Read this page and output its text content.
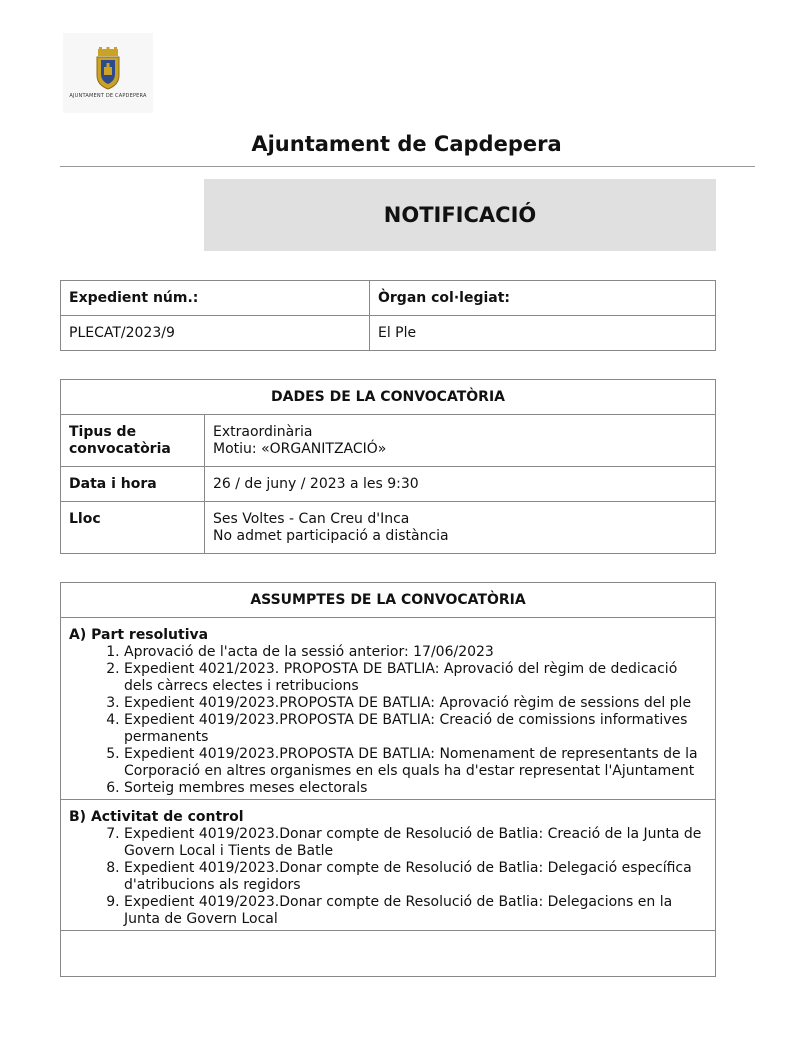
AJUNTAMENT DE CAPDEPERA
Ajuntament de Capdepera
NOTIFICACIÓ
Expedient núm.:	Òrgan col·legiat:
PLECAT/2023/9	El Ple
DADES DE LA CONVOCATÒRIA	
Tipus de
convocatòria	Extraordinària
Motiu: «ORGANITZACIÓ»
Data i hora	26 / de juny / 2023 a les 9:30
Lloc	Ses Voltes - Can Creu d'Inca
No admet participació a distància
ASSUMPTES DE LA CONVOCATÒRIA

A) Part resolutiva
1. Aprovació de l'acta de la sessió anterior: 17/06/2023
2. Expedient 4021/2023. PROPOSTA DE BATLIA: Aprovació del règim de dedicació dels càrrecs electes i retribucions
3. Expedient 4019/2023.PROPOSTA DE BATLIA: Aprovació règim de sessions del ple
4. Expedient 4019/2023.PROPOSTA DE BATLIA: Creació de comissions informatives permanents
5. Expedient 4019/2023.PROPOSTA DE BATLIA: Nomenament de representants de la Corporació en altres organismes en els quals ha d'estar representat l'Ajuntament
6. Sorteig membres meses electorals

B) Activitat de control
7. Expedient 4019/2023.Donar compte de Resolució de Batlia: Creació de la Junta de Govern Local i Tients de Batle
8. Expedient 4019/2023.Donar compte de Resolució de Batlia: Delegació específica d'atribucions als regidors
9. Expedient 4019/2023.Donar compte de Resolució de Batlia: Delegacions en la Junta de Govern Local
